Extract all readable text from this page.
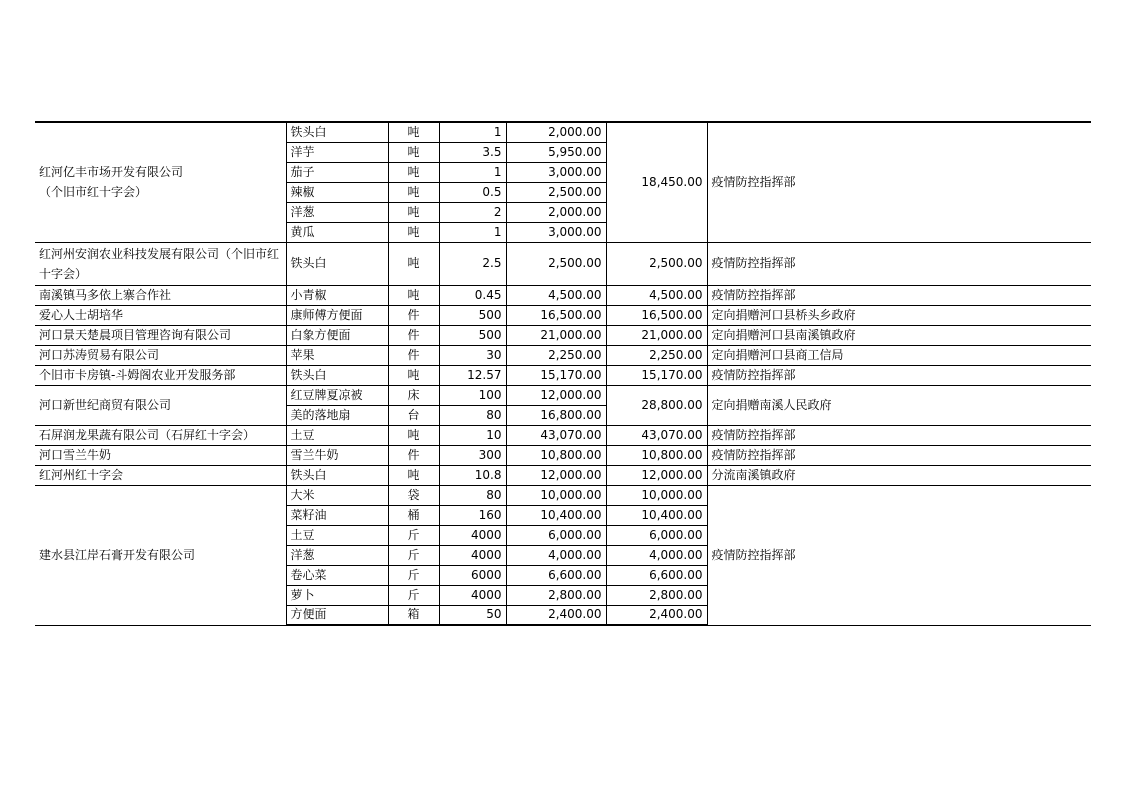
红河亿丰市场开发有限公司
（个旧市红十字会）	铁头白	吨	1	2,000.00	18,450.00	疫情防控指挥部
	洋芋	吨	3.5	5,950.00		
	茄子	吨	1	3,000.00		
	辣椒	吨	0.5	2,500.00		
	洋葱	吨	2	2,000.00		
	黄瓜	吨	1	3,000.00		
红河州安润农业科技发展有限公司（个旧市红十字会）	铁头白	吨	2.5	2,500.00	2,500.00	疫情防控指挥部
南溪镇马多依上寨合作社	小青椒	吨	0.45	4,500.00	4,500.00	疫情防控指挥部
爱心人士胡培华	康师傅方便面	件	500	16,500.00	16,500.00	定向捐赠河口县桥头乡政府
河口景天楚晨项目管理咨询有限公司	白象方便面	件	500	21,000.00	21,000.00	定向捐赠河口县南溪镇政府
河口苏涛贸易有限公司	苹果	件	30	2,250.00	2,250.00	定向捐赠河口县商工信局
个旧市卡房镇-斗姆阁农业开发服务部	铁头白	吨	12.57	15,170.00	15,170.00	疫情防控指挥部
河口新世纪商贸有限公司	红豆牌夏凉被	床	100	12,000.00	28,800.00	定向捐赠南溪人民政府
	美的落地扇	台	80	16,800.00		
石屏润龙果蔬有限公司（石屏红十字会）	土豆	吨	10	43,070.00	43,070.00	疫情防控指挥部
河口雪兰牛奶	雪兰牛奶	件	300	10,800.00	10,800.00	疫情防控指挥部
红河州红十字会	铁头白	吨	10.8	12,000.00	12,000.00	分流南溪镇政府
建水县江岸石膏开发有限公司	大米	袋	80	10,000.00	10,000.00	疫情防控指挥部
	菜籽油	桶	160	10,400.00	10,400.00	
	土豆	斤	4000	6,000.00	6,000.00	
	洋葱	斤	4000	4,000.00	4,000.00	
	卷心菜	斤	6000	6,600.00	6,600.00	
	萝卜	斤	4000	2,800.00	2,800.00	
	方便面	箱	50	2,400.00	2,400.00	
